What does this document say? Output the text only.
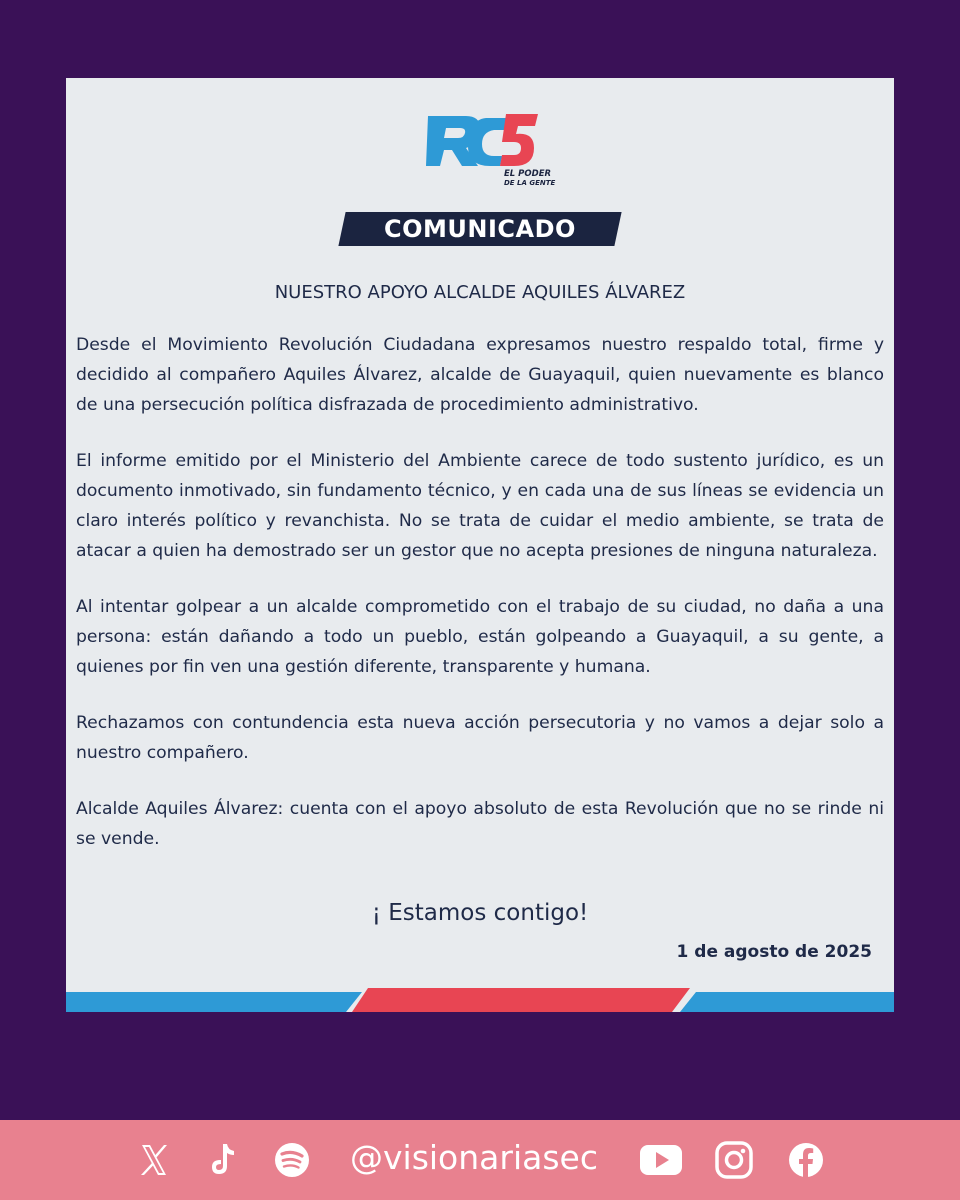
EL PODER
DE LA GENTE
COMUNICADO
NUESTRO APOYO ALCALDE AQUILES ÁLVAREZ

Desde el Movimiento Revolución Ciudadana expresamos nuestro respaldo total, firme y decidido al compañero Aquiles Álvarez, alcalde de Guayaquil, quien nuevamente es blanco de una persecución política disfrazada de procedimiento administrativo.

El informe emitido por el Ministerio del Ambiente carece de todo sustento jurídico, es un documento inmotivado, sin fundamento técnico, y en cada una de sus líneas se evidencia un claro interés político y revanchista. No se trata de cuidar el medio ambiente, se trata de atacar a quien ha demostrado ser un gestor que no acepta presiones de ninguna naturaleza.

Al intentar golpear a un alcalde comprometido con el trabajo de su ciudad, no daña a una persona: están dañando a todo un pueblo, están golpeando a Guayaquil, a su gente, a quienes por fin ven una gestión diferente, transparente y humana.

Rechazamos con contundencia esta nueva acción persecutoria y no vamos a dejar solo a nuestro compañero.

Alcalde Aquiles Álvarez: cuenta con el apoyo absoluto de esta Revolución que no se rinde ni se vende.

¡ Estamos contigo!
1 de agosto de 2025
@visionariasec
